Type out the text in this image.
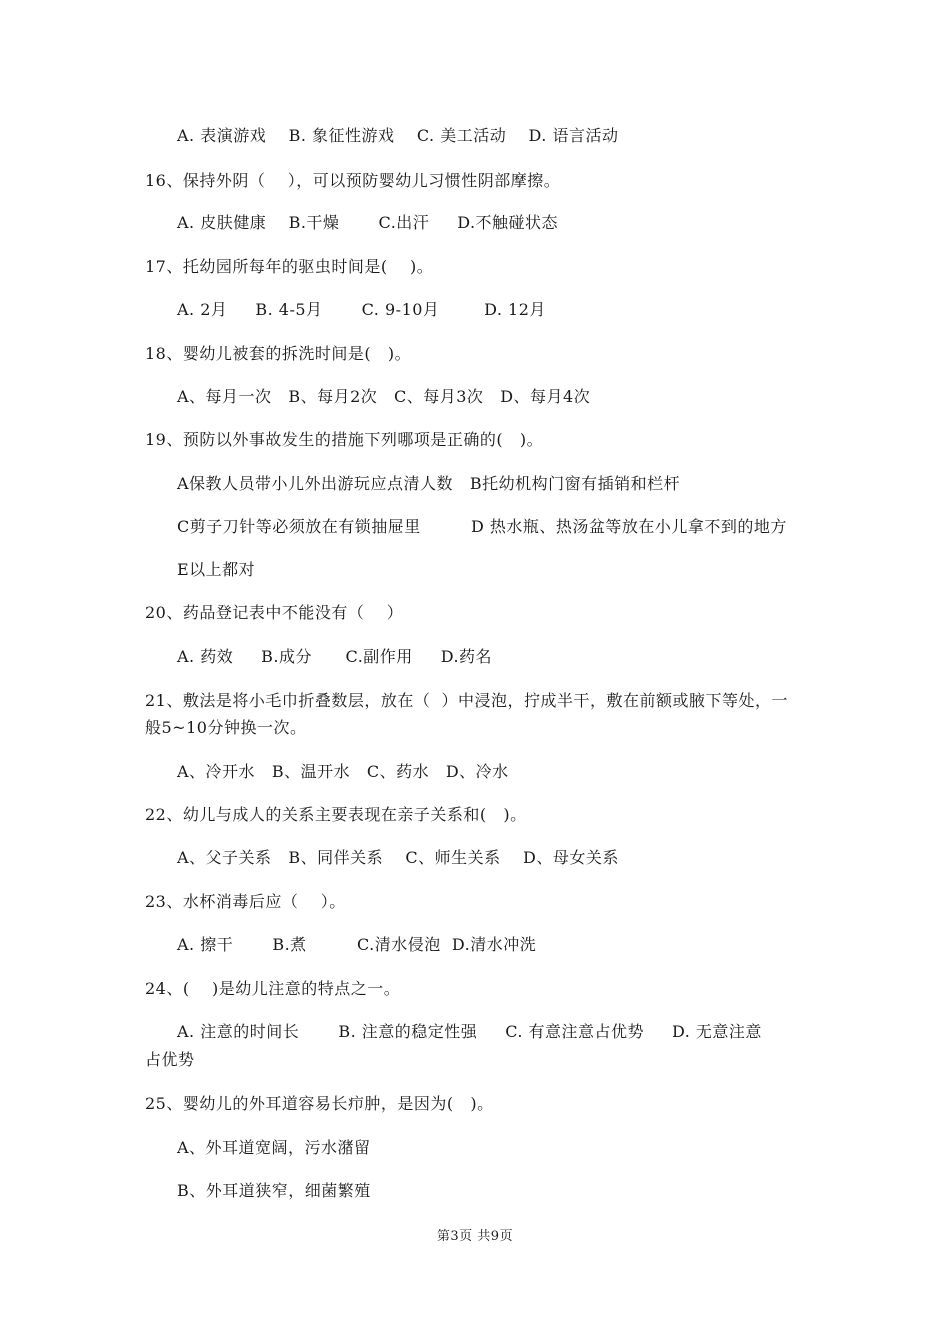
A. 表演游戏    B. 象征性游戏    C. 美工活动    D. 语言活动
16、保持外阴（    ），可以预防婴幼儿习惯性阴部摩擦。
A. 皮肤健康    B.干燥       C.出汗     D.不触碰状态
17、托幼园所每年的驱虫时间是(    )。
A. 2月     B. 4-5月       C. 9-10月        D. 12月
18、婴幼儿被套的拆洗时间是(   )。
A、每月一次   B、每月2次   C、每月3次   D、每月4次
19、预防以外事故发生的措施下列哪项是正确的(   )。
A保教人员带小儿外出游玩应点清人数   B托幼机构门窗有插销和栏杆
C剪子刀针等必须放在有锁抽屉里         D 热水瓶、热汤盆等放在小儿拿不到的地方
E以上都对
20、药品登记表中不能没有（    ）
A. 药效     B.成分      C.副作用     D.药名
21、敷法是将小毛巾折叠数层，放在（  ）中浸泡，拧成半干，敷在前额或腋下等处，一
般5~10分钟换一次。
A、冷开水   B、温开水   C、药水   D、冷水
22、幼儿与成人的关系主要表现在亲子关系和(   )。
A、父子关系   B、同伴关系    C、师生关系    D、母女关系
23、水杯消毒后应（    ）。
A. 擦干       B.煮         C.清水侵泡  D.清水冲洗
24、(    )是幼儿注意的特点之一。
A. 注意的时间长       B. 注意的稳定性强     C. 有意注意占优势     D. 无意注意
占优势
25、婴幼儿的外耳道容易长疖肿，是因为(   )。
A、外耳道宽阔，污水潴留
B、外耳道狭窄，细菌繁殖
第3页 共9页
